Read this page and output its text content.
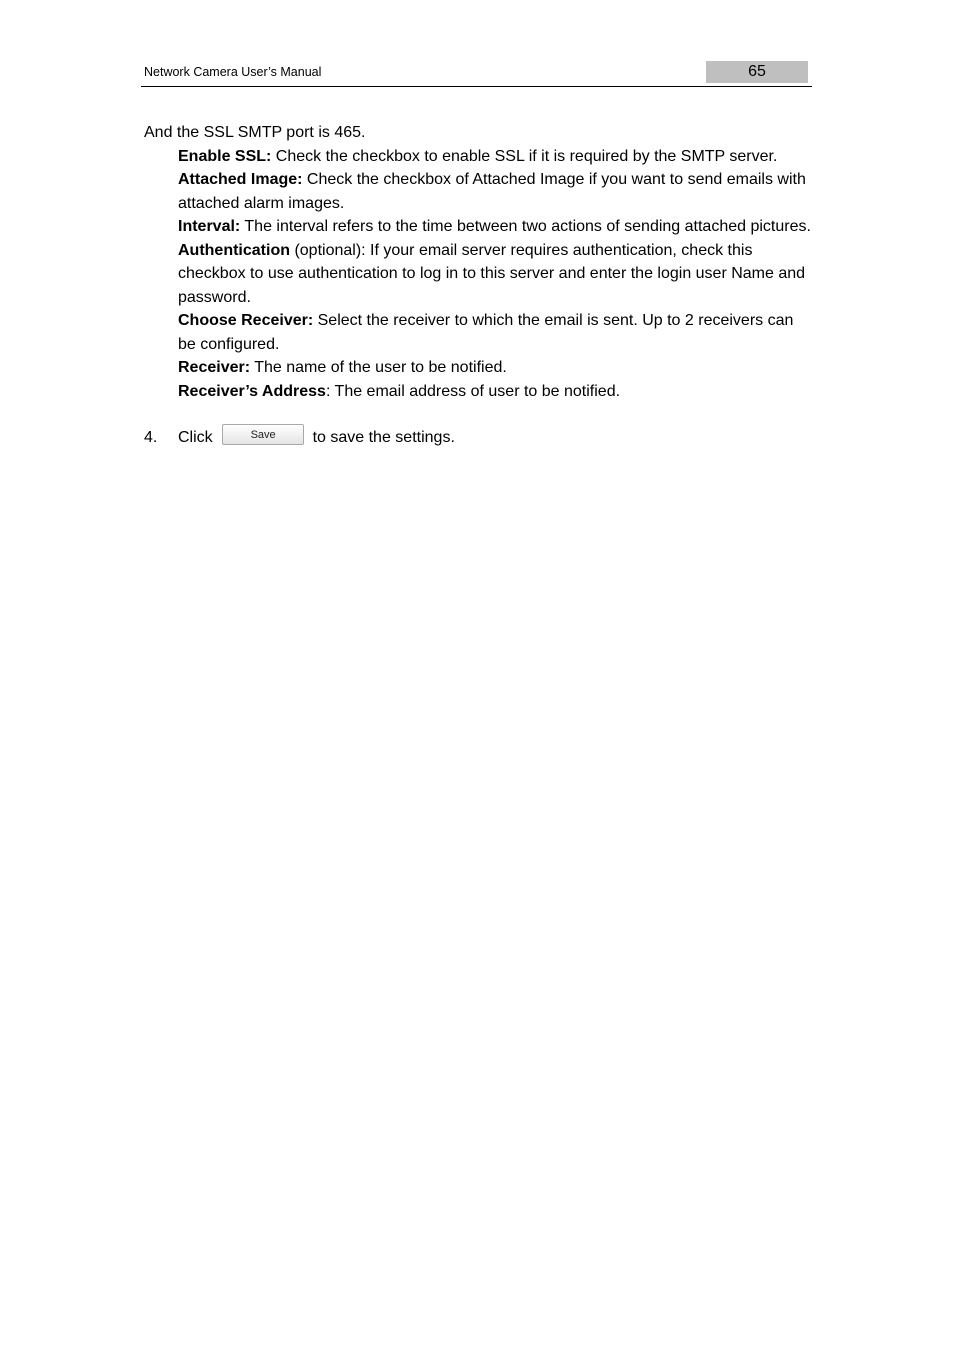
Network Camera User’s Manual	65

And the SSL SMTP port is 465.

Enable SSL: Check the checkbox to enable SSL if it is required by the SMTP server.

Attached Image: Check the checkbox of Attached Image if you want to send emails with attached alarm images.

Interval: The interval refers to the time between two actions of sending attached pictures.

Authentication (optional): If your email server requires authentication, check this checkbox to use authentication to log in to this server and enter the login user Name and password.

Choose Receiver: Select the receiver to which the email is sent. Up to 2 receivers can be configured.

Receiver: The name of the user to be notified.

Receiver’s Address: The email address of user to be notified.

4. Click	Save to save the settings.
